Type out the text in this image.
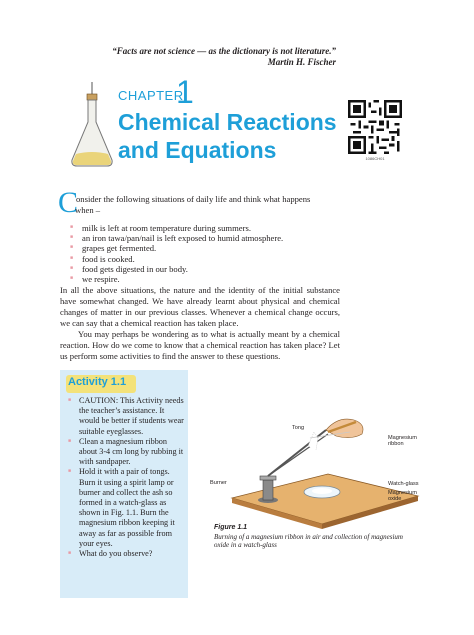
“Facts are not science — as the dictionary is not literature.”
Martin H. Fischer
CHAPTER
1
Chemical Reactions
and Equations	1086CH01
C
onsider the following situations of daily life and think what happens
when –
■ milk is left at room temperature during summers.
■ an iron tawa/pan/nail is left exposed to humid atmosphere.
■ grapes get fermented.
■ food is cooked.
■ food gets digested in our body.
■ we respire.
In all the above situations, the nature and the identity of the initial substance have somewhat changed. We have already learnt about physical and chemical changes of matter in our previous classes. Whenever a chemical change occurs, we can say that a chemical reaction has taken place.
You may perhaps be wondering as to what is actually meant by a chemical reaction. How do we come to know that a chemical reaction has taken place? Let us perform some activities to find the answer to these questions.
Activity 1.1
■ CAUTION: This Activity needs the teacher’s assistance. It would be better if students wear suitable eyeglasses.
■ Clean a magnesium ribbon about 3-4 cm long by rubbing it with sandpaper.
■ Hold it with a pair of tongs. Burn it using a spirit lamp or burner and collect the ash so formed in a watch-glass as shown in Fig. 1.1. Burn the magnesium ribbon keeping it away as far as possible from your eyes.
■ What do you observe?
Tong
Magnesium ribbon
Burner	Watch-glass
Magnesium oxide
Figure 1.1
Burning of a magnesium ribbon in air and collection of magnesium oxide in a watch-glass
